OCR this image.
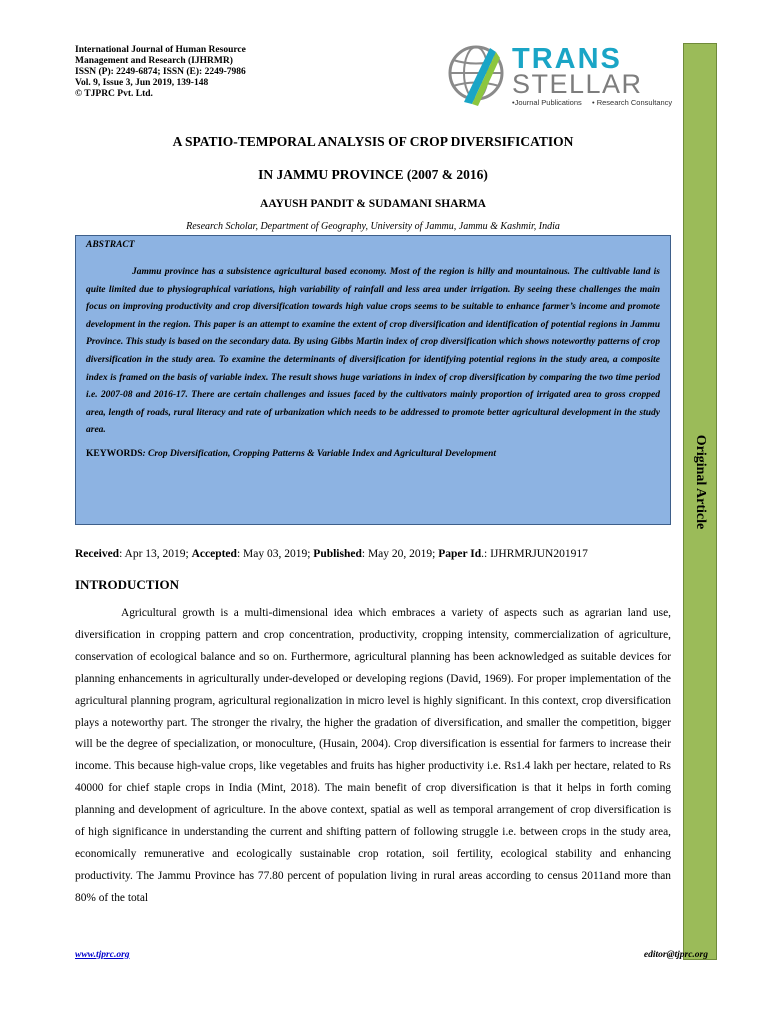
International Journal of Human Resource
Management and Research (IJHRMR)
ISSN (P): 2249-6874; ISSN (E): 2249-7986
Vol. 9, Issue 3, Jun 2019, 139-148
© TJPRC Pvt. Ltd.
TRANS
STELLAR
•Journal Publications • Research Consultancy
Original Article
A SPATIO-TEMPORAL ANALYSIS OF CROP DIVERSIFICATION
IN JAMMU PROVINCE (2007 & 2016)
AAYUSH PANDIT & SUDAMANI SHARMA
Research Scholar, Department of Geography, University of Jammu, Jammu & Kashmir, India
ABSTRACT
Jammu province has a subsistence agricultural based economy. Most of the region is hilly and mountainous. The cultivable land is quite limited due to physiographical variations, high variability of rainfall and less area under irrigation. By seeing these challenges the main focus on improving productivity and crop diversification towards high value crops seems to be suitable to enhance farmer’s income and promote development in the region. This paper is an attempt to examine the extent of crop diversification and identification of potential regions in Jammu Province. This study is based on the secondary data. By using Gibbs Martin index of crop diversification which shows noteworthy patterns of crop diversification in the study area. To examine the determinants of diversification for identifying potential regions in the study area, a composite index is framed on the basis of variable index. The result shows huge variations in index of crop diversification by comparing the two time period i.e. 2007-08 and 2016-17. There are certain challenges and issues faced by the cultivators mainly proportion of irrigated area to gross cropped area, length of roads, rural literacy and rate of urbanization which needs to be addressed to promote better agricultural development in the study area.
KEYWORDS: Crop Diversification, Cropping Patterns & Variable Index and Agricultural Development
Received: Apr 13, 2019; Accepted: May 03, 2019; Published: May 20, 2019; Paper Id.: IJHRMRJUN201917
INTRODUCTION
Agricultural growth is a multi-dimensional idea which embraces a variety of aspects such as agrarian land use, diversification in cropping pattern and crop concentration, productivity, cropping intensity, commercialization of agriculture, conservation of ecological balance and so on. Furthermore, agricultural planning has been acknowledged as suitable devices for planning enhancements in agriculturally under-developed or developing regions (David, 1969). For proper implementation of the agricultural planning program, agricultural regionalization in micro level is highly significant. In this context, crop diversification plays a noteworthy part. The stronger the rivalry, the higher the gradation of diversification, and smaller the competition, bigger will be the degree of specialization, or monoculture, (Husain, 2004). Crop diversification is essential for farmers to increase their income. This because high-value crops, like vegetables and fruits has higher productivity i.e. Rs1.4 lakh per hectare, related to Rs 40000 for chief staple crops in India (Mint, 2018). The main benefit of crop diversification is that it helps in forth coming planning and development of agriculture. In the above context, spatial as well as temporal arrangement of crop diversification is of high significance in understanding the current and shifting pattern of following struggle i.e. between crops in the study area, economically remunerative and ecologically sustainable crop rotation, soil fertility, ecological stability and enhancing productivity. The Jammu Province has 77.80 percent of population living in rural areas according to census 2011and more than 80% of the total
www.tjprc.org	editor@tjprc.org
